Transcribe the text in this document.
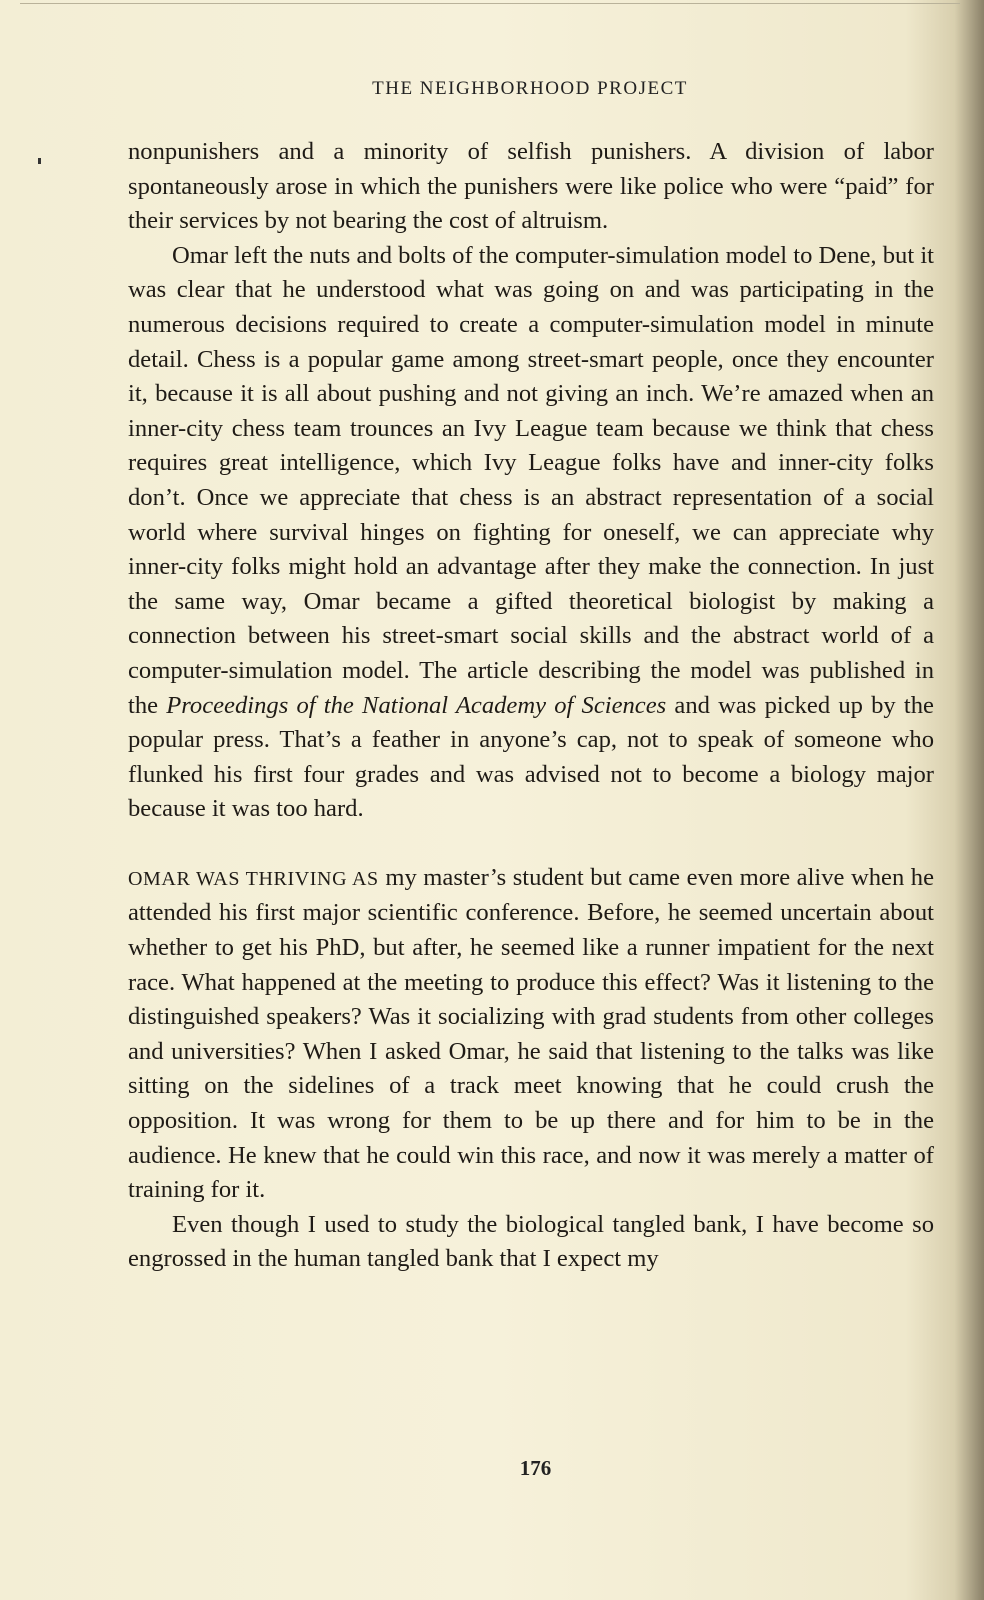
THE NEIGHBORHOOD PROJECT

nonpunishers and a minority of selfish punishers. A division of labor spontaneously arose in which the punishers were like police who were “paid” for their services by not bearing the cost of altruism.

Omar left the nuts and bolts of the computer-simulation model to Dene, but it was clear that he understood what was going on and was participating in the numerous decisions required to create a computer-simulation model in minute detail. Chess is a popular game among street-smart people, once they encounter it, because it is all about pushing and not giving an inch. We’re amazed when an inner-city chess team trounces an Ivy League team because we think that chess requires great intelligence, which Ivy League folks have and inner-city folks don’t. Once we appreciate that chess is an abstract representation of a social world where survival hinges on fighting for oneself, we can appreciate why inner-city folks might hold an advantage after they make the connection. In just the same way, Omar became a gifted theoretical biologist by making a connection between his street-smart social skills and the abstract world of a computer-simulation model. The article describing the model was published in the Proceedings of the National Academy of Sciences and was picked up by the popular press. That’s a feather in anyone’s cap, not to speak of someone who flunked his first four grades and was advised not to become a biology major because it was too hard.

OMAR WAS THRIVING AS my master’s student but came even more alive when he attended his first major scientific conference. Before, he seemed uncertain about whether to get his PhD, but after, he seemed like a runner impatient for the next race. What happened at the meeting to produce this effect? Was it listening to the distinguished speakers? Was it socializing with grad students from other colleges and universities? When I asked Omar, he said that listening to the talks was like sitting on the sidelines of a track meet knowing that he could crush the opposition. It was wrong for them to be up there and for him to be in the audience. He knew that he could win this race, and now it was merely a matter of training for it.

Even though I used to study the biological tangled bank, I have become so engrossed in the human tangled bank that I expect my

176
